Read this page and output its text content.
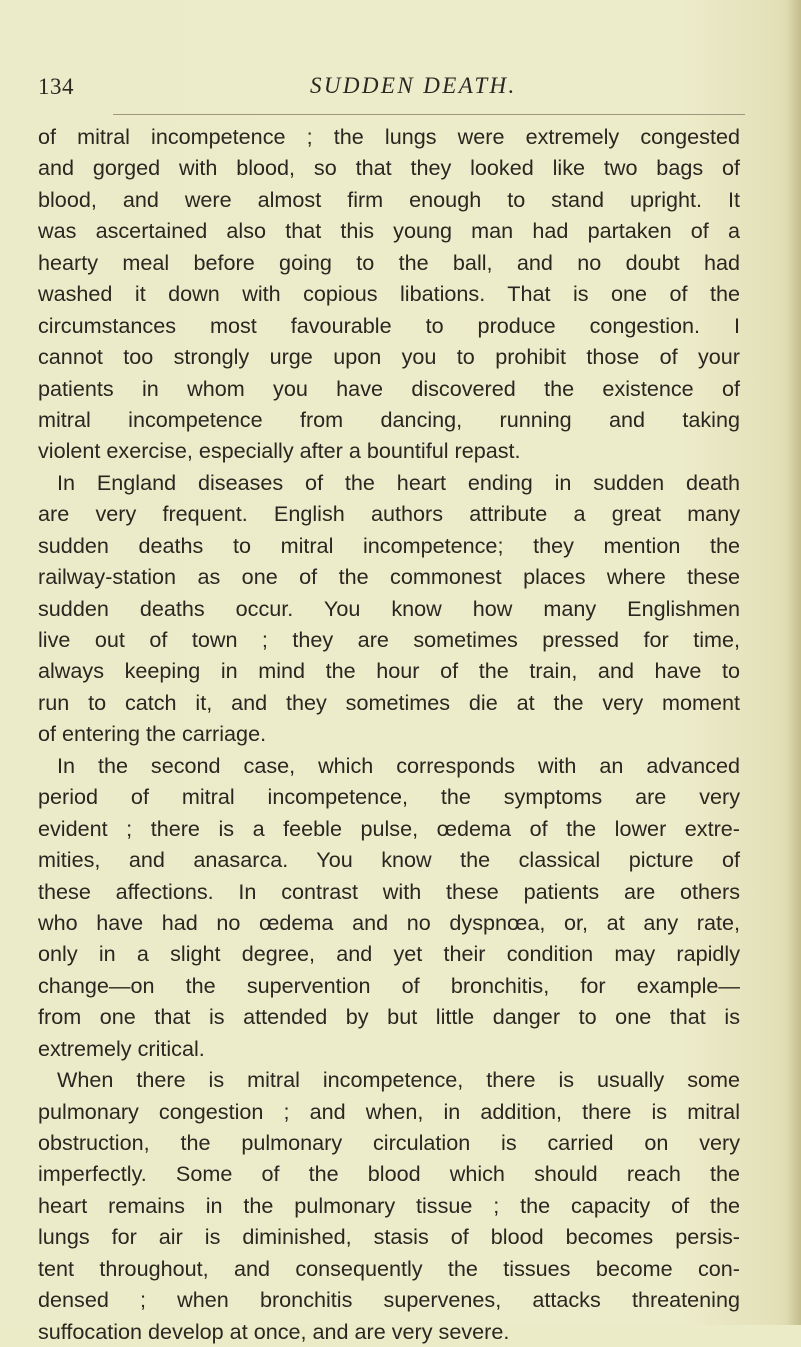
134	SUDDEN DEATH.
of mitral incompetence ; the lungs were extremely congested
and gorged with blood, so that they looked like two bags of
blood, and were almost firm enough to stand upright. It
was ascertained also that this young man had partaken of a
hearty meal before going to the ball, and no doubt had
washed it down with copious libations. That is one of the
circumstances most favourable to produce congestion. I
cannot too strongly urge upon you to prohibit those of your
patients in whom you have discovered the existence of
mitral incompetence from dancing, running and taking
violent exercise, especially after a bountiful repast.
In England diseases of the heart ending in sudden death
are very frequent. English authors attribute a great many
sudden deaths to mitral incompetence; they mention the
railway-station as one of the commonest places where these
sudden deaths occur. You know how many Englishmen
live out of town ; they are sometimes pressed for time,
always keeping in mind the hour of the train, and have to
run to catch it, and they sometimes die at the very moment
of entering the carriage.
In the second case, which corresponds with an advanced
period of mitral incompetence, the symptoms are very
evident ; there is a feeble pulse, œdema of the lower extre-
mities, and anasarca. You know the classical picture of
these affections. In contrast with these patients are others
who have had no œdema and no dyspnœa, or, at any rate,
only in a slight degree, and yet their condition may rapidly
change—on the supervention of bronchitis, for example—
from one that is attended by but little danger to one that is
extremely critical.
When there is mitral incompetence, there is usually some
pulmonary congestion ; and when, in addition, there is mitral
obstruction, the pulmonary circulation is carried on very
imperfectly. Some of the blood which should reach the
heart remains in the pulmonary tissue ; the capacity of the
lungs for air is diminished, stasis of blood becomes persis-
tent throughout, and consequently the tissues become con-
densed ; when bronchitis supervenes, attacks threatening
suffocation develop at once, and are very severe.
